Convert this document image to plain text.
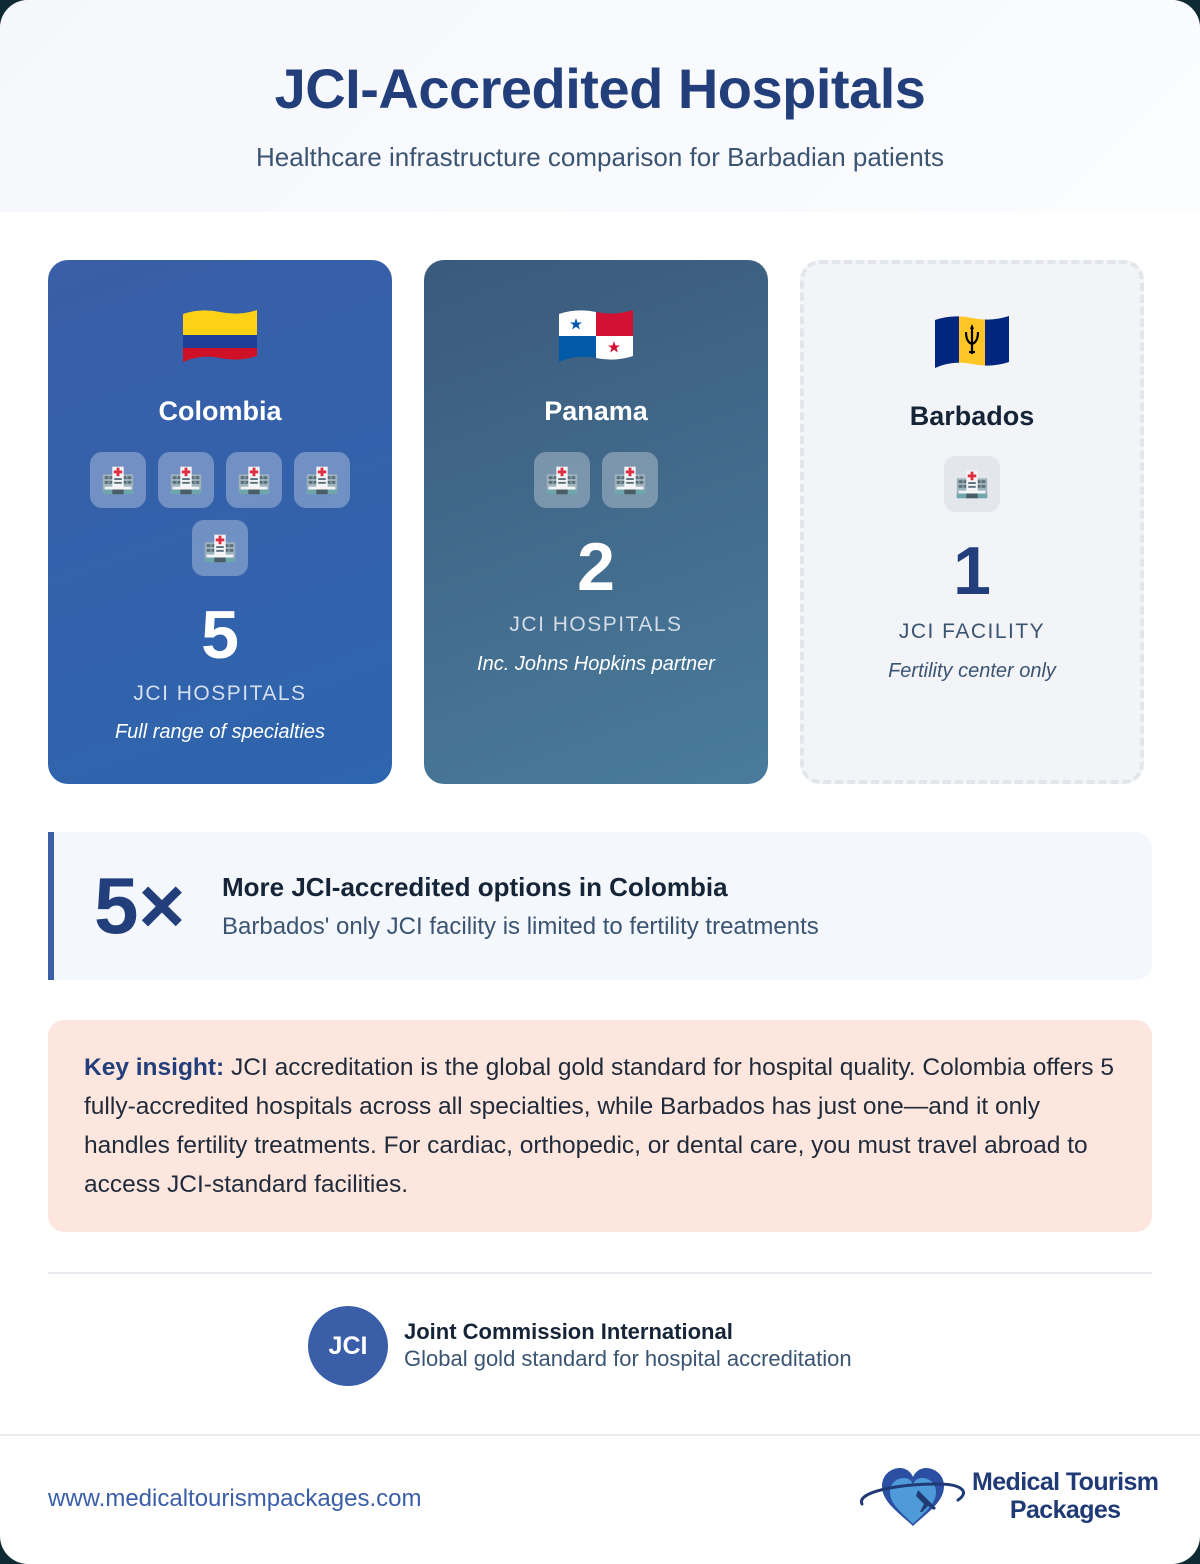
JCI-Accredited Hospitals
Healthcare infrastructure comparison for Barbadian patients
Colombia
5
JCI HOSPITALS
Full range of specialties
Panama
2
JCI HOSPITALS
Inc. Johns Hopkins partner
Barbados
1
JCI FACILITY
Fertility center only
5×	More JCI-accredited options in Colombia
Barbados' only JCI facility is limited to fertility treatments
Key insight: JCI accreditation is the global gold standard for hospital quality. Colombia offers 5 fully-accredited hospitals across all specialties, while Barbados has just one—and it only handles fertility treatments. For cardiac, orthopedic, or dental care, you must travel abroad to access JCI-standard facilities.
JCI	Joint Commission International
Global gold standard for hospital accreditation
www.medicaltourismpackages.com
Medical Tourism
Packages
